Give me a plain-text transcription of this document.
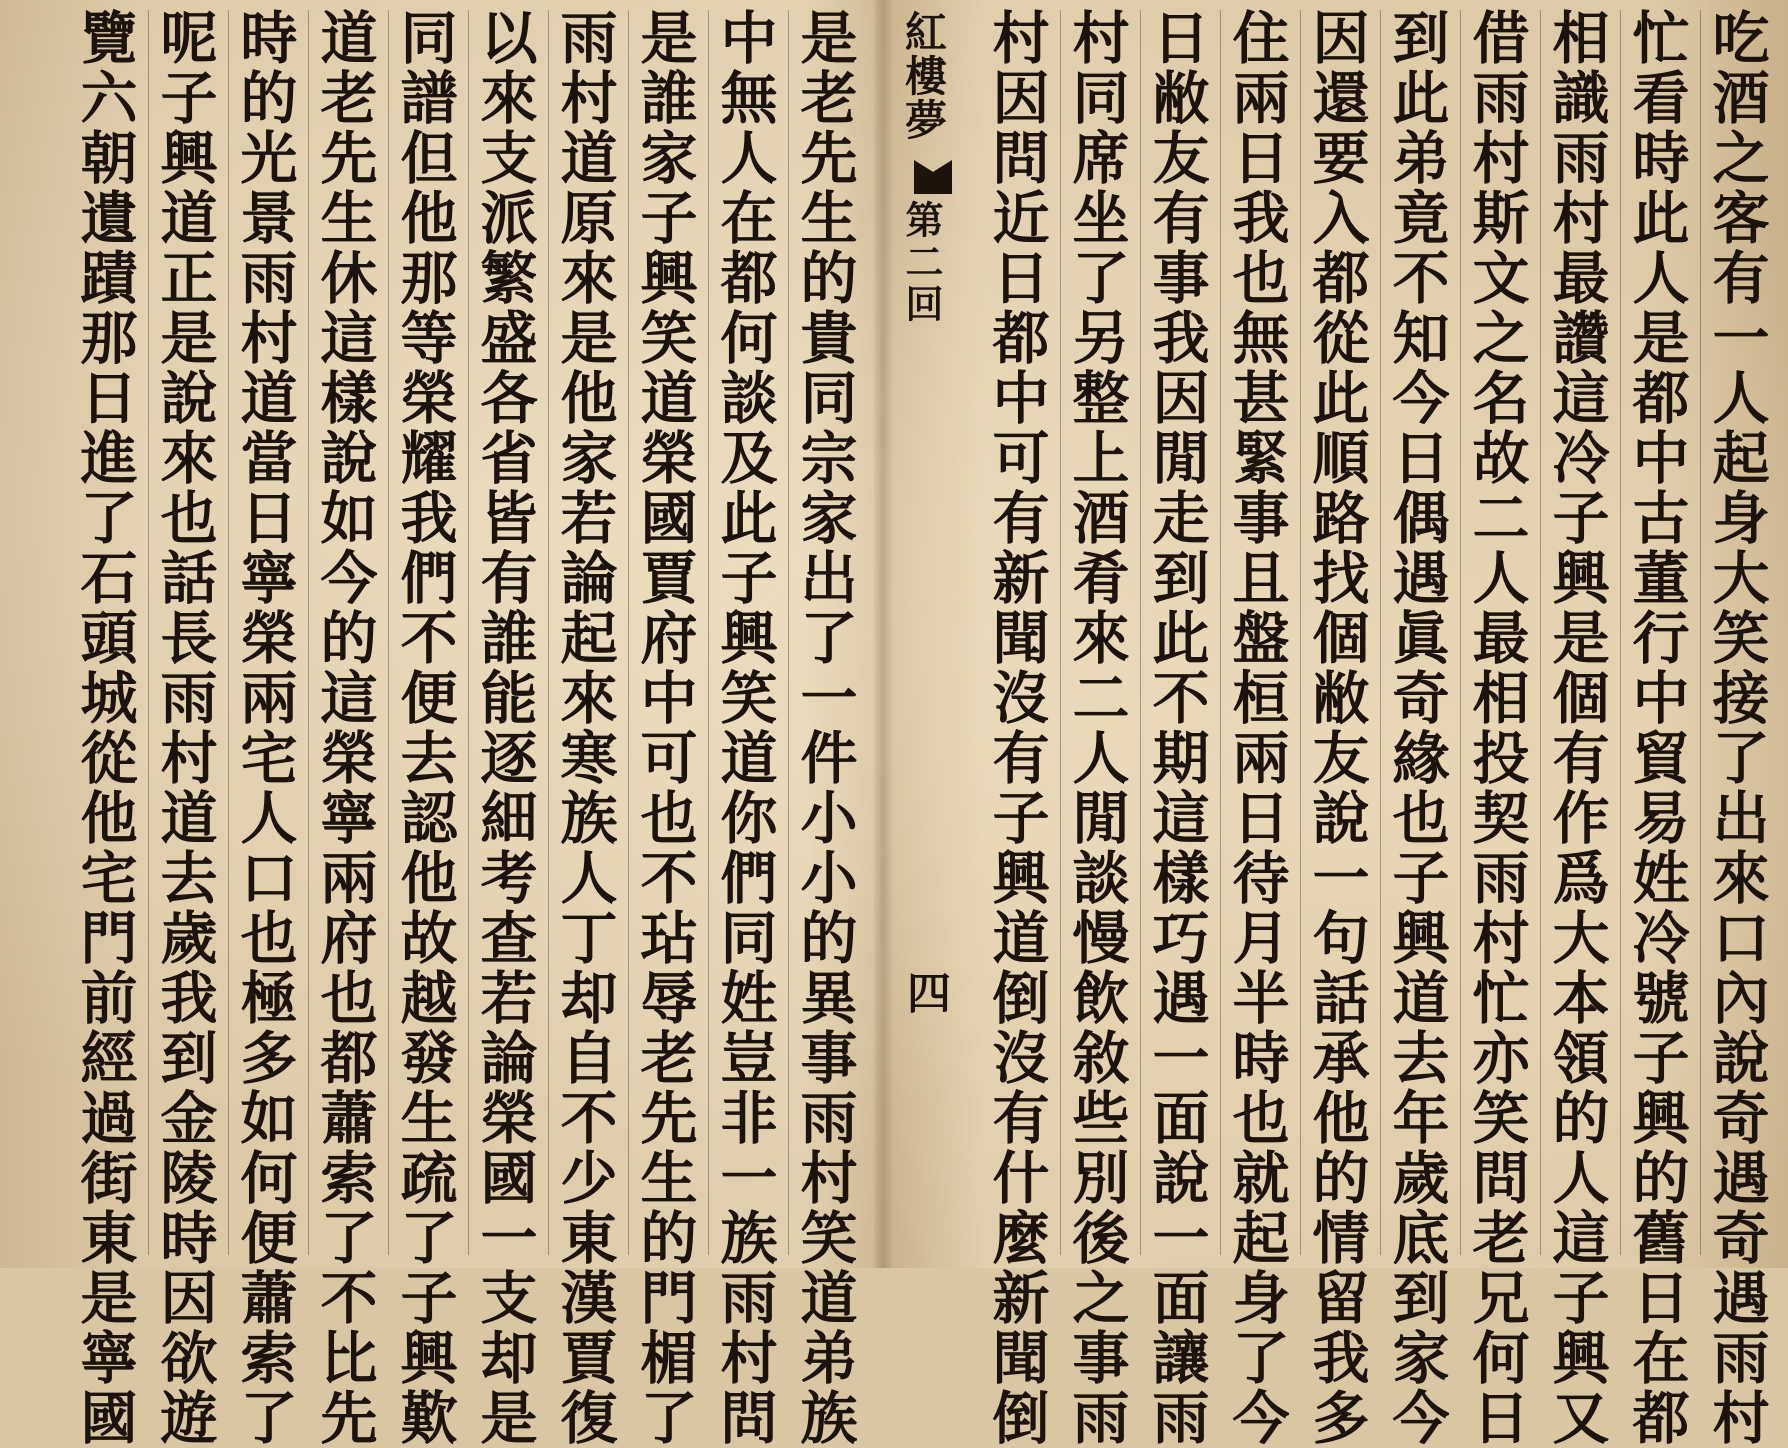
是老先生的貴同宗家出了一件小小的異事雨村笑道弟族
中無人在都何談及此子興笑道你們同姓豈非一族雨村問
是誰家子興笑道榮國賈府中可也不玷辱老先生的門楣了
雨村道原來是他家若論起來寒族人丁却自不少東漢賈復
以來支派繁盛各省皆有誰能逐細考查若論榮國一支却是
同譜但他那等榮耀我們不便去認他故越發生疏了子興歎
道老先生休這樣說如今的這榮寧兩府也都蕭索了不比先
時的光景雨村道當日寧榮兩宅人口也極多如何便蕭索了
呢子興道正是說來也話長雨村道去歲我到金陵時因欲遊
覽六朝遺蹟那日進了石頭城從他宅門前經過街東是寧國	紅樓夢
第二回
四	吃酒之客有一人起身大笑接了出來口內說奇遇奇遇雨村
忙看時此人是都中古董行中貿易姓冷號子興的舊日在都
相識雨村最讚這冷子興是個有作爲大本領的人這子興又
借雨村斯文之名故二人最相投契雨村忙亦笑問老兄何日
到此弟竟不知今日偶遇眞奇緣也子興道去年歲底到家今
因還要入都從此順路找個敝友說一句話承他的情留我多
住兩日我也無甚緊事且盤桓兩日待月半時也就起身了今
日敝友有事我因閒走到此不期這樣巧遇一面說一面讓雨
村同席坐了另整上酒肴來二人閒談慢飲敘些別後之事雨
村因問近日都中可有新聞沒有子興道倒沒有什麼新聞倒
